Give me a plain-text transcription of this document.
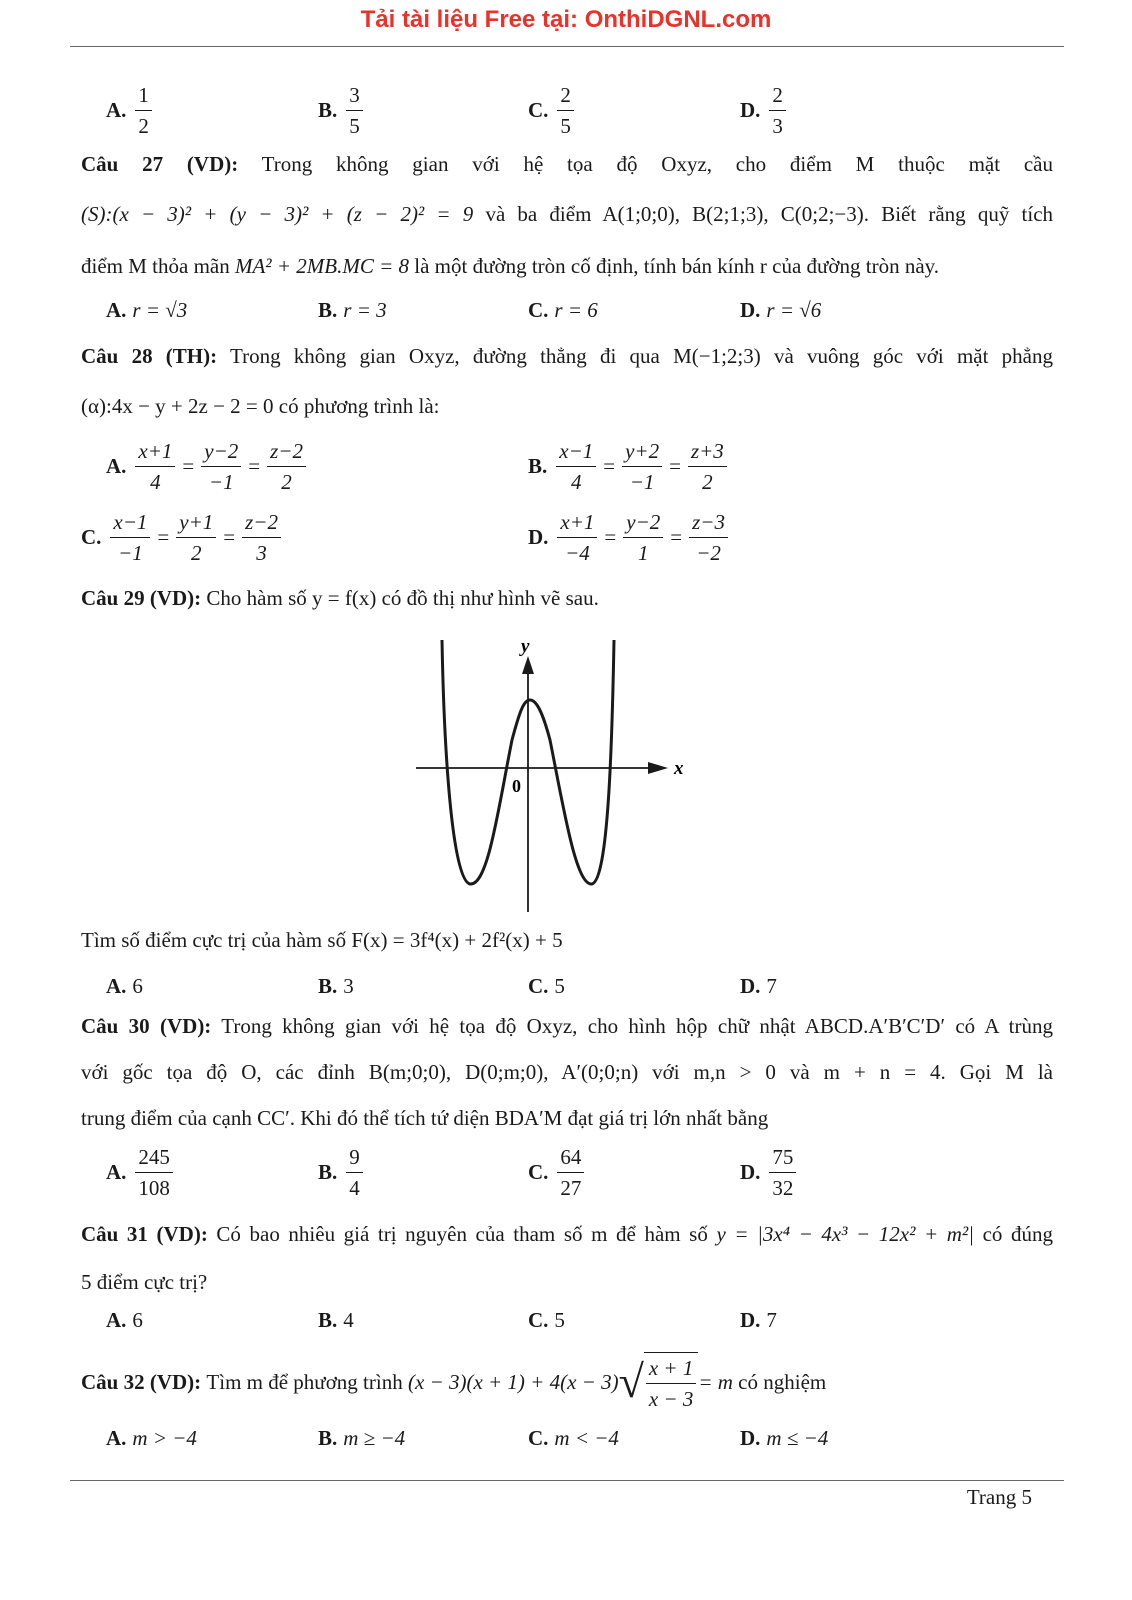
Tải tài liệu Free tại: OnthiDGNL.com
A. $\frac{1}{2}$	B. $\frac{3}{5}$	C. $\frac{2}{5}$	D. $\frac{2}{3}$
Câu 27 (VD): Trong không gian với hệ tọa độ Oxyz, cho điểm M thuộc mặt cầu
(S):(x − 3)² + (y − 3)² + (z − 2)² = 9 và ba điểm A(1;0;0), B(2;1;3), C(0;2;−3). Biết rằng quỹ tích
điểm M thỏa mãn MA² + 2MB.MC = 8 là một đường tròn cố định, tính bán kính r của đường tròn này.
A. r = √3	B. r = 3	C. r = 6	D. r = √6
Câu 28 (TH): Trong không gian Oxyz, đường thẳng đi qua M(−1;2;3) và vuông góc với mặt phẳng
(α):4x − y + 2z − 2 = 0 có phương trình là:
A. $\frac{x+1}{4} = \frac{y-2}{-1} = \frac{z-2}{2}$	B. $\frac{x-1}{4} = \frac{y+2}{-1} = \frac{z+3}{2}$
C. $\frac{x-1}{-1} = \frac{y+1}{2} = \frac{z-2}{3}$	D. $\frac{x+1}{-4} = \frac{y-2}{1} = \frac{z-3}{-2}$
Câu 29 (VD): Cho hàm số y = f(x) có đồ thị như hình vẽ sau.
y
x
0
Tìm số điểm cực trị của hàm số F(x) = 3f⁴(x) + 2f²(x) + 5
A. 6	B. 3	C. 5	D. 7
Câu 30 (VD): Trong không gian với hệ tọa độ Oxyz, cho hình hộp chữ nhật ABCD.A′B′C′D′ có A trùng
với gốc tọa độ O, các đỉnh B(m;0;0), D(0;m;0), A′(0;0;n) với m,n > 0 và m + n = 4. Gọi M là
trung điểm của cạnh CC′. Khi đó thể tích tứ diện BDA′M đạt giá trị lớn nhất bằng
A. $\frac{245}{108}$	B. $\frac{9}{4}$	C. $\frac{64}{27}$	D. $\frac{75}{32}$
Câu 31 (VD): Có bao nhiêu giá trị nguyên của tham số m để hàm số y = |3x⁴ − 4x³ − 12x² + m²| có đúng
5 điểm cực trị?
A. 6	B. 4	C. 5	D. 7
Câu 32 (VD):
Tìm m để phương trình
(x − 3)(x + 1) + 4(x − 3) √ $\frac{x + 1}{x - 3} = m$
có nghiệm
A. m > −4	B. m ≥ −4	C. m < −4	D. m ≤ −4
Trang 5
